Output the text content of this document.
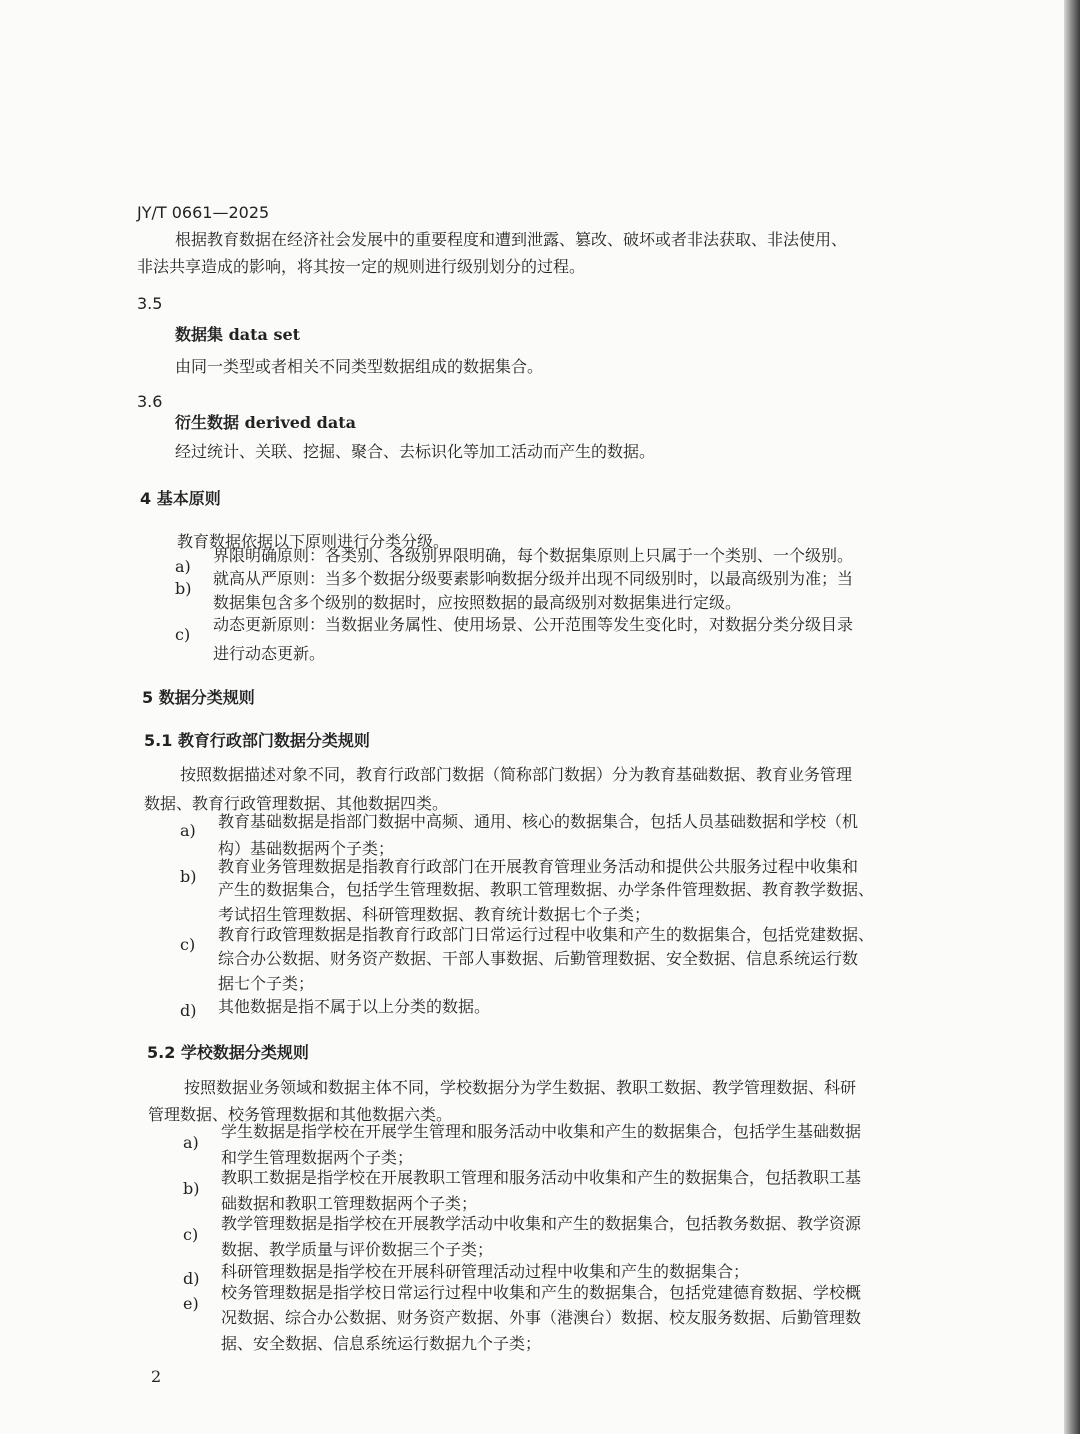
JY/T 0661—2025
根据教育数据在经济社会发展中的重要程度和遭到泄露、篡改、破坏或者非法获取、非法使用、
非法共享造成的影响，将其按一定的规则进行级别划分的过程。
3.5
数据集 data set
由同一类型或者相关不同类型数据组成的数据集合。
3.6
衍生数据 derived data
经过统计、关联、挖掘、聚合、去标识化等加工活动而产生的数据。
4 基本原则
教育数据依据以下原则进行分类分级。
a)
界限明确原则：各类别、各级别界限明确，每个数据集原则上只属于一个类别、一个级别。
b)
就高从严原则：当多个数据分级要素影响数据分级并出现不同级别时，以最高级别为准；当
数据集包含多个级别的数据时，应按照数据的最高级别对数据集进行定级。
c)
动态更新原则：当数据业务属性、使用场景、公开范围等发生变化时，对数据分类分级目录
进行动态更新。
5 数据分类规则
5.1 教育行政部门数据分类规则
按照数据描述对象不同，教育行政部门数据（简称部门数据）分为教育基础数据、教育业务管理
数据、教育行政管理数据、其他数据四类。
a) 教育基础数据是指部门数据中高频、通用、核心的数据集合，包括人员基础数据和学校（机
构）基础数据两个子类；
b)
教育业务管理数据是指教育行政部门在开展教育管理业务活动和提供公共服务过程中收集和
产生的数据集合，包括学生管理数据、教职工管理数据、办学条件管理数据、教育教学数据、
考试招生管理数据、科研管理数据、教育统计数据七个子类；
c)
教育行政管理数据是指教育行政部门日常运行过程中收集和产生的数据集合，包括党建数据、
综合办公数据、财务资产数据、干部人事数据、后勤管理数据、安全数据、信息系统运行数
据七个子类；
d) 其他数据是指不属于以上分类的数据。
5.2 学校数据分类规则
按照数据业务领域和数据主体不同，学校数据分为学生数据、教职工数据、教学管理数据、科研
管理数据、校务管理数据和其他数据六类。
a)
学生数据是指学校在开展学生管理和服务活动中收集和产生的数据集合，包括学生基础数据
和学生管理数据两个子类；
b)
教职工数据是指学校在开展教职工管理和服务活动中收集和产生的数据集合，包括教职工基
础数据和教职工管理数据两个子类；
c)
教学管理数据是指学校在开展教学活动中收集和产生的数据集合，包括教务数据、教学资源
数据、教学质量与评价数据三个子类；
d) 科研管理数据是指学校在开展科研管理活动过程中收集和产生的数据集合；
e)
校务管理数据是指学校日常运行过程中收集和产生的数据集合，包括党建德育数据、学校概
况数据、综合办公数据、财务资产数据、外事（港澳台）数据、校友服务数据、后勤管理数
据、安全数据、信息系统运行数据九个子类；
2
